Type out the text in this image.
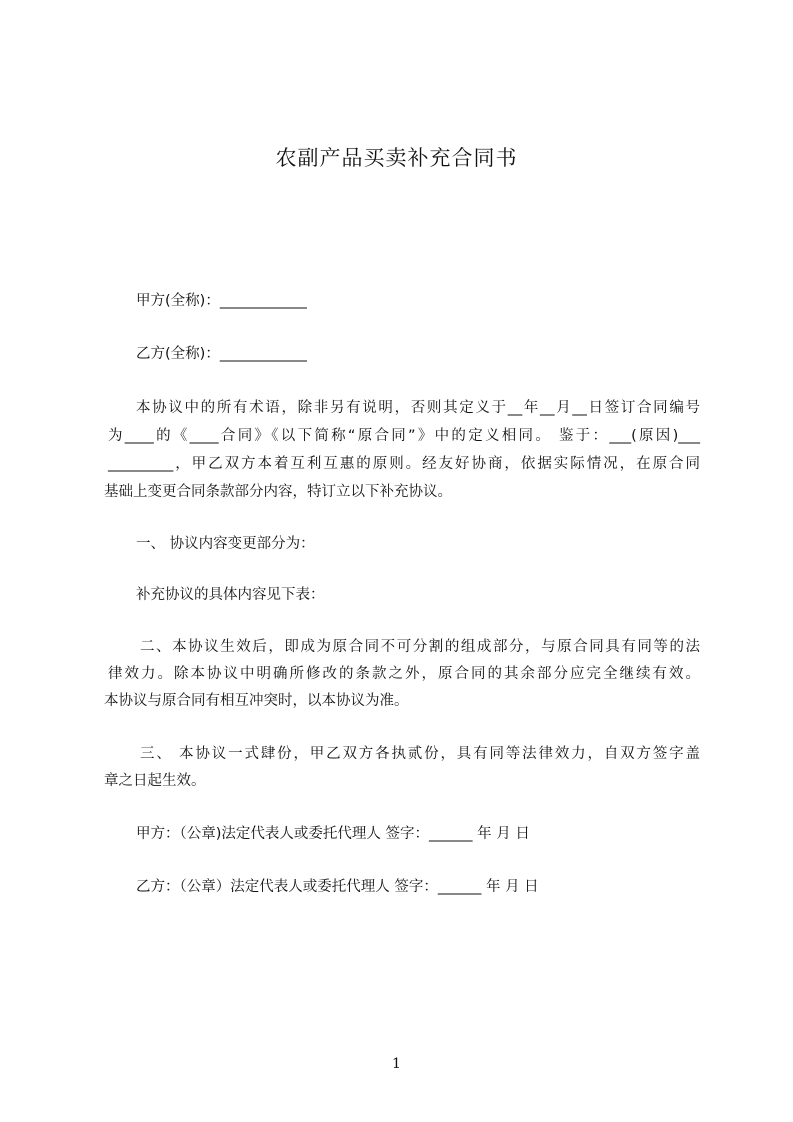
农副产品买卖补充合同书
甲方(全称)：____________
乙方(全称)：____________
本协议中的所有术语，除非另有说明，否则其定义于__年__月__日签订合同编号
为____的《____合同》《以下简称“原合同”》中的定义相同。 鉴于：___(原因)___
_________，甲乙双方本着互利互惠的原则。经友好协商，依据实际情况，在原合同
基础上变更合同条款部分内容，特订立以下补充协议。
一、 协议内容变更部分为：
补充协议的具体内容见下表：
二、本协议生效后，即成为原合同不可分割的组成部分，与原合同具有同等的法
律效力。除本协议中明确所修改的条款之外，原合同的其余部分应完全继续有效。
本协议与原合同有相互冲突时，以本协议为准。
三、 本协议一式肆份，甲乙双方各执贰份，具有同等法律效力，自双方签字盖
章之日起生效。
甲方：（公章)法定代表人或委托代理人 签字：______ 年 月 日
乙方：（公章）法定代表人或委托代理人 签字：______ 年 月 日
1
